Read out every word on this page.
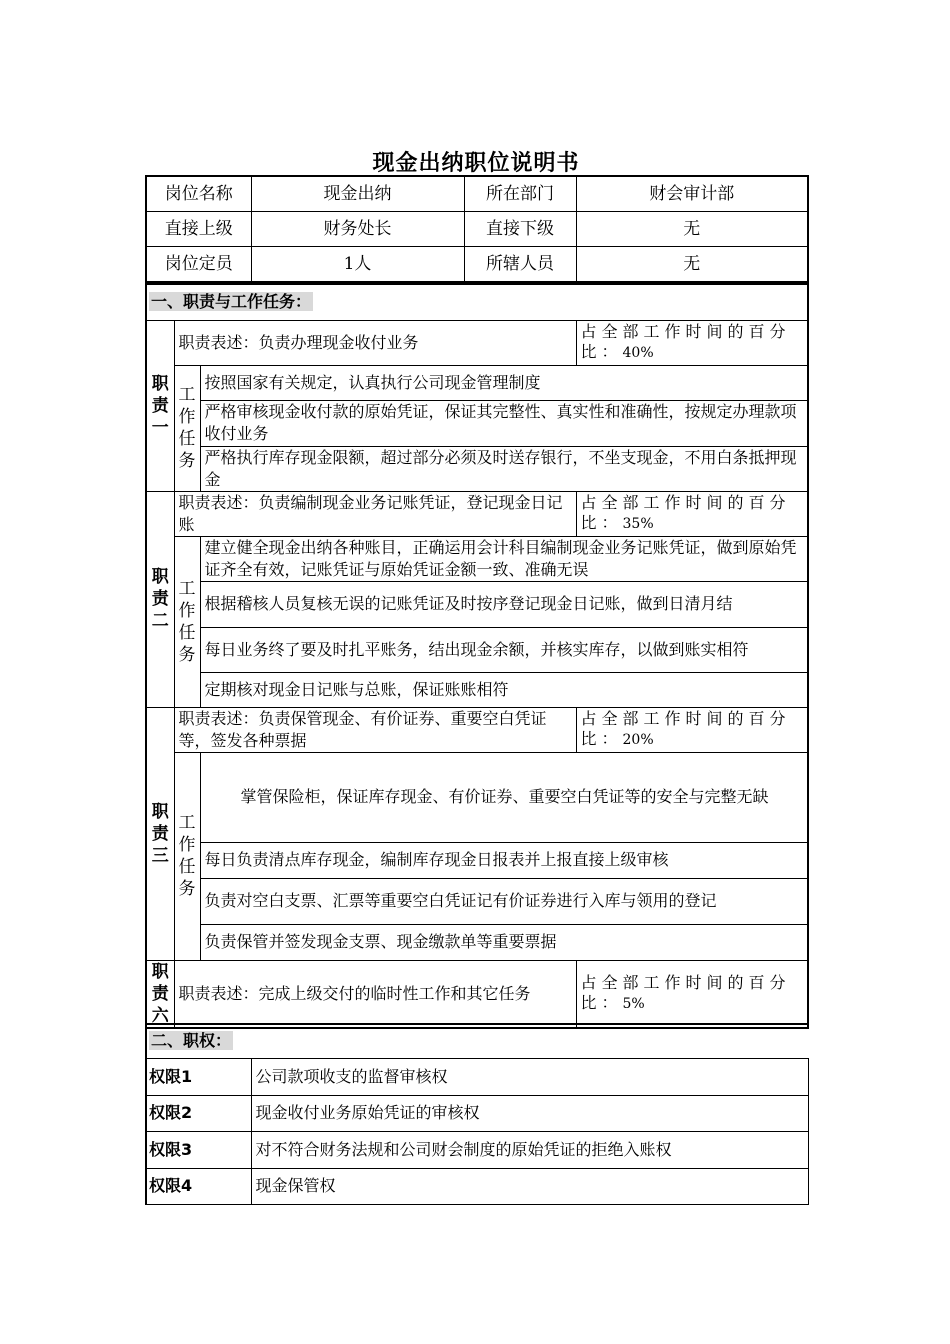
现金出纳职位说明书
岗位名称	现金出纳	所在部门	财会审计部
直接上级	财务处长	直接下级	无
岗位定员	1人	所辖人员	无
一、职责与工作任务：			

职责一	职责表述：负责办理现金收付业务		占全部工作时间的百分比：40%

	工作任务	按照国家有关规定，认真执行公司现金管理制度	
		严格审核现金收付款的原始凭证，保证其完整性、真实性和准确性，按规定办理款项收付业务	
		严格执行库存现金限额，超过部分必须及时送存银行，不坐支现金，不用白条抵押现金	

职责二	职责表述：负责编制现金业务记账凭证，登记现金日记账		占全部工作时间的百分比：35%

	工作任务	建立健全现金出纳各种账目，正确运用会计科目编制现金业务记账凭证，做到原始凭证齐全有效，记账凭证与原始凭证金额一致、准确无误	

		根据稽核人员复核无误的记账凭证及时按序登记现金日记账，做到日清月结	
		每日业务终了要及时扎平账务，结出现金余额，并核实库存，以做到账实相符	
		定期核对现金日记账与总账，保证账账相符	

职责三	职责表述：负责保管现金、有价证券、重要空白凭证等，签发各种票据		占全部工作时间的百分比：20%

	工作任务	掌管保险柜，保证库存现金、有价证券、重要空白凭证等的安全与完整无缺	
		每日负责清点库存现金，编制库存现金日报表并上报直接上级审核	
		负责对空白支票、汇票等重要空白凭证记有价证券进行入库与领用的登记	
		负责保管并签发现金支票、现金缴款单等重要票据	

职责六	职责表述：完成上级交付的临时性工作和其它任务		占全部工作时间的百分比：5%
二、职权：	
权限1	公司款项收支的监督审核权
权限2	现金收付业务原始凭证的审核权
权限3	对不符合财务法规和公司财会制度的原始凭证的拒绝入账权
权限4	现金保管权
